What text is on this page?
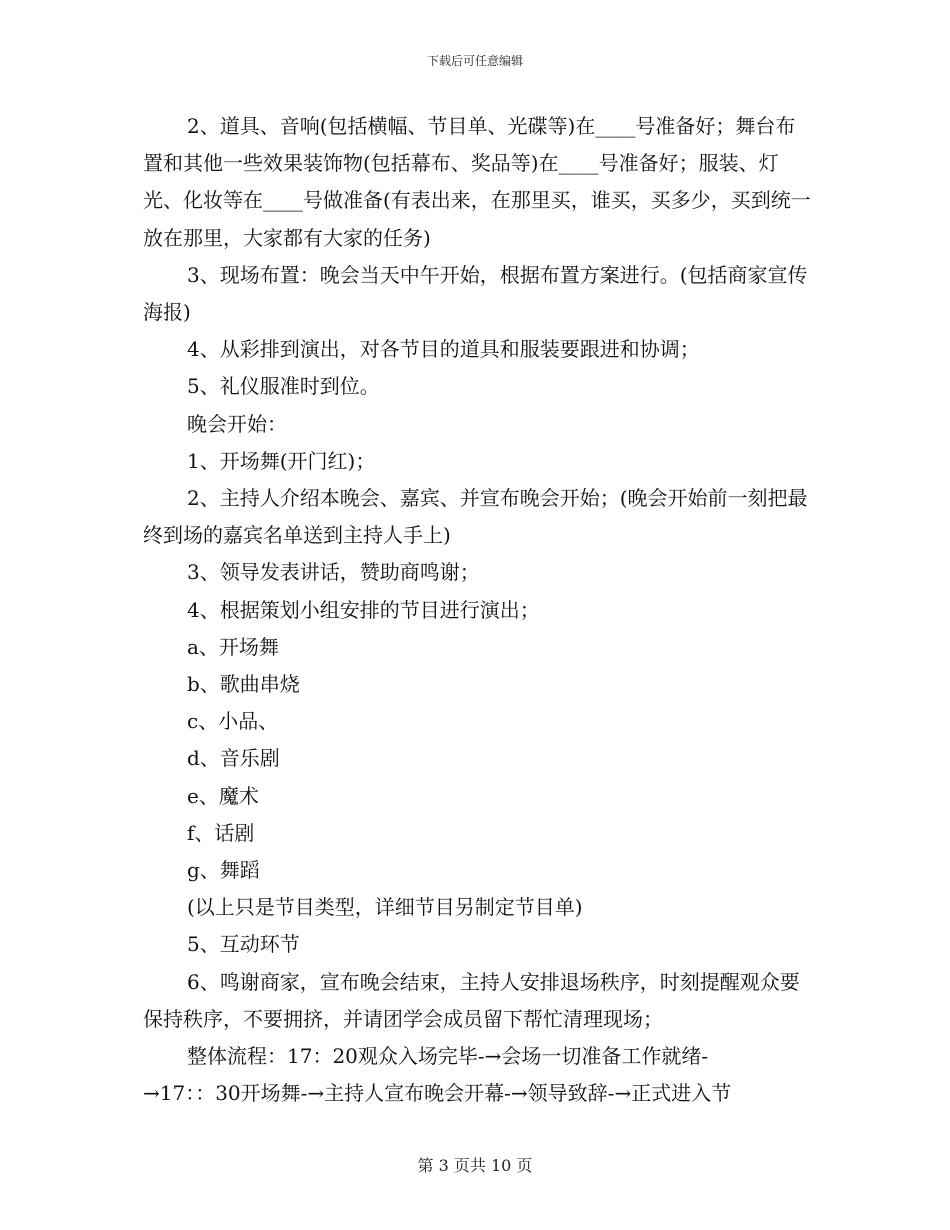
下载后可任意编辑

2、道具、音响(包括横幅、节目单、光碟等)在____号准备好；舞台布置和其他一些效果装饰物(包括幕布、奖品等)在____号准备好；服装、灯光、化妆等在____号做准备(有表出来，在那里买，谁买，买多少，买到统一放在那里，大家都有大家的任务)

3、现场布置：晚会当天中午开始，根据布置方案进行。(包括商家宣传海报)

4、从彩排到演出，对各节目的道具和服装要跟进和协调；

5、礼仪服准时到位。

晚会开始：

1、开场舞(开门红)；

2、主持人介绍本晚会、嘉宾、并宣布晚会开始；(晚会开始前一刻把最终到场的嘉宾名单送到主持人手上)

3、领导发表讲话，赞助商鸣谢；

4、根据策划小组安排的节目进行演出；

a、开场舞

b、歌曲串烧

c、小品、

d、音乐剧

e、魔术

f、话剧

g、舞蹈

(以上只是节目类型，详细节目另制定节目单)

5、互动环节

6、鸣谢商家，宣布晚会结束，主持人安排退场秩序，时刻提醒观众要保持秩序，不要拥挤，并请团学会成员留下帮忙清理现场；

整体流程：17：20观众入场完毕-→会场一切准备工作就绪-

→17：：30开场舞-→主持人宣布晚会开幕-→领导致辞-→正式进入节

第 3 页共 10 页
